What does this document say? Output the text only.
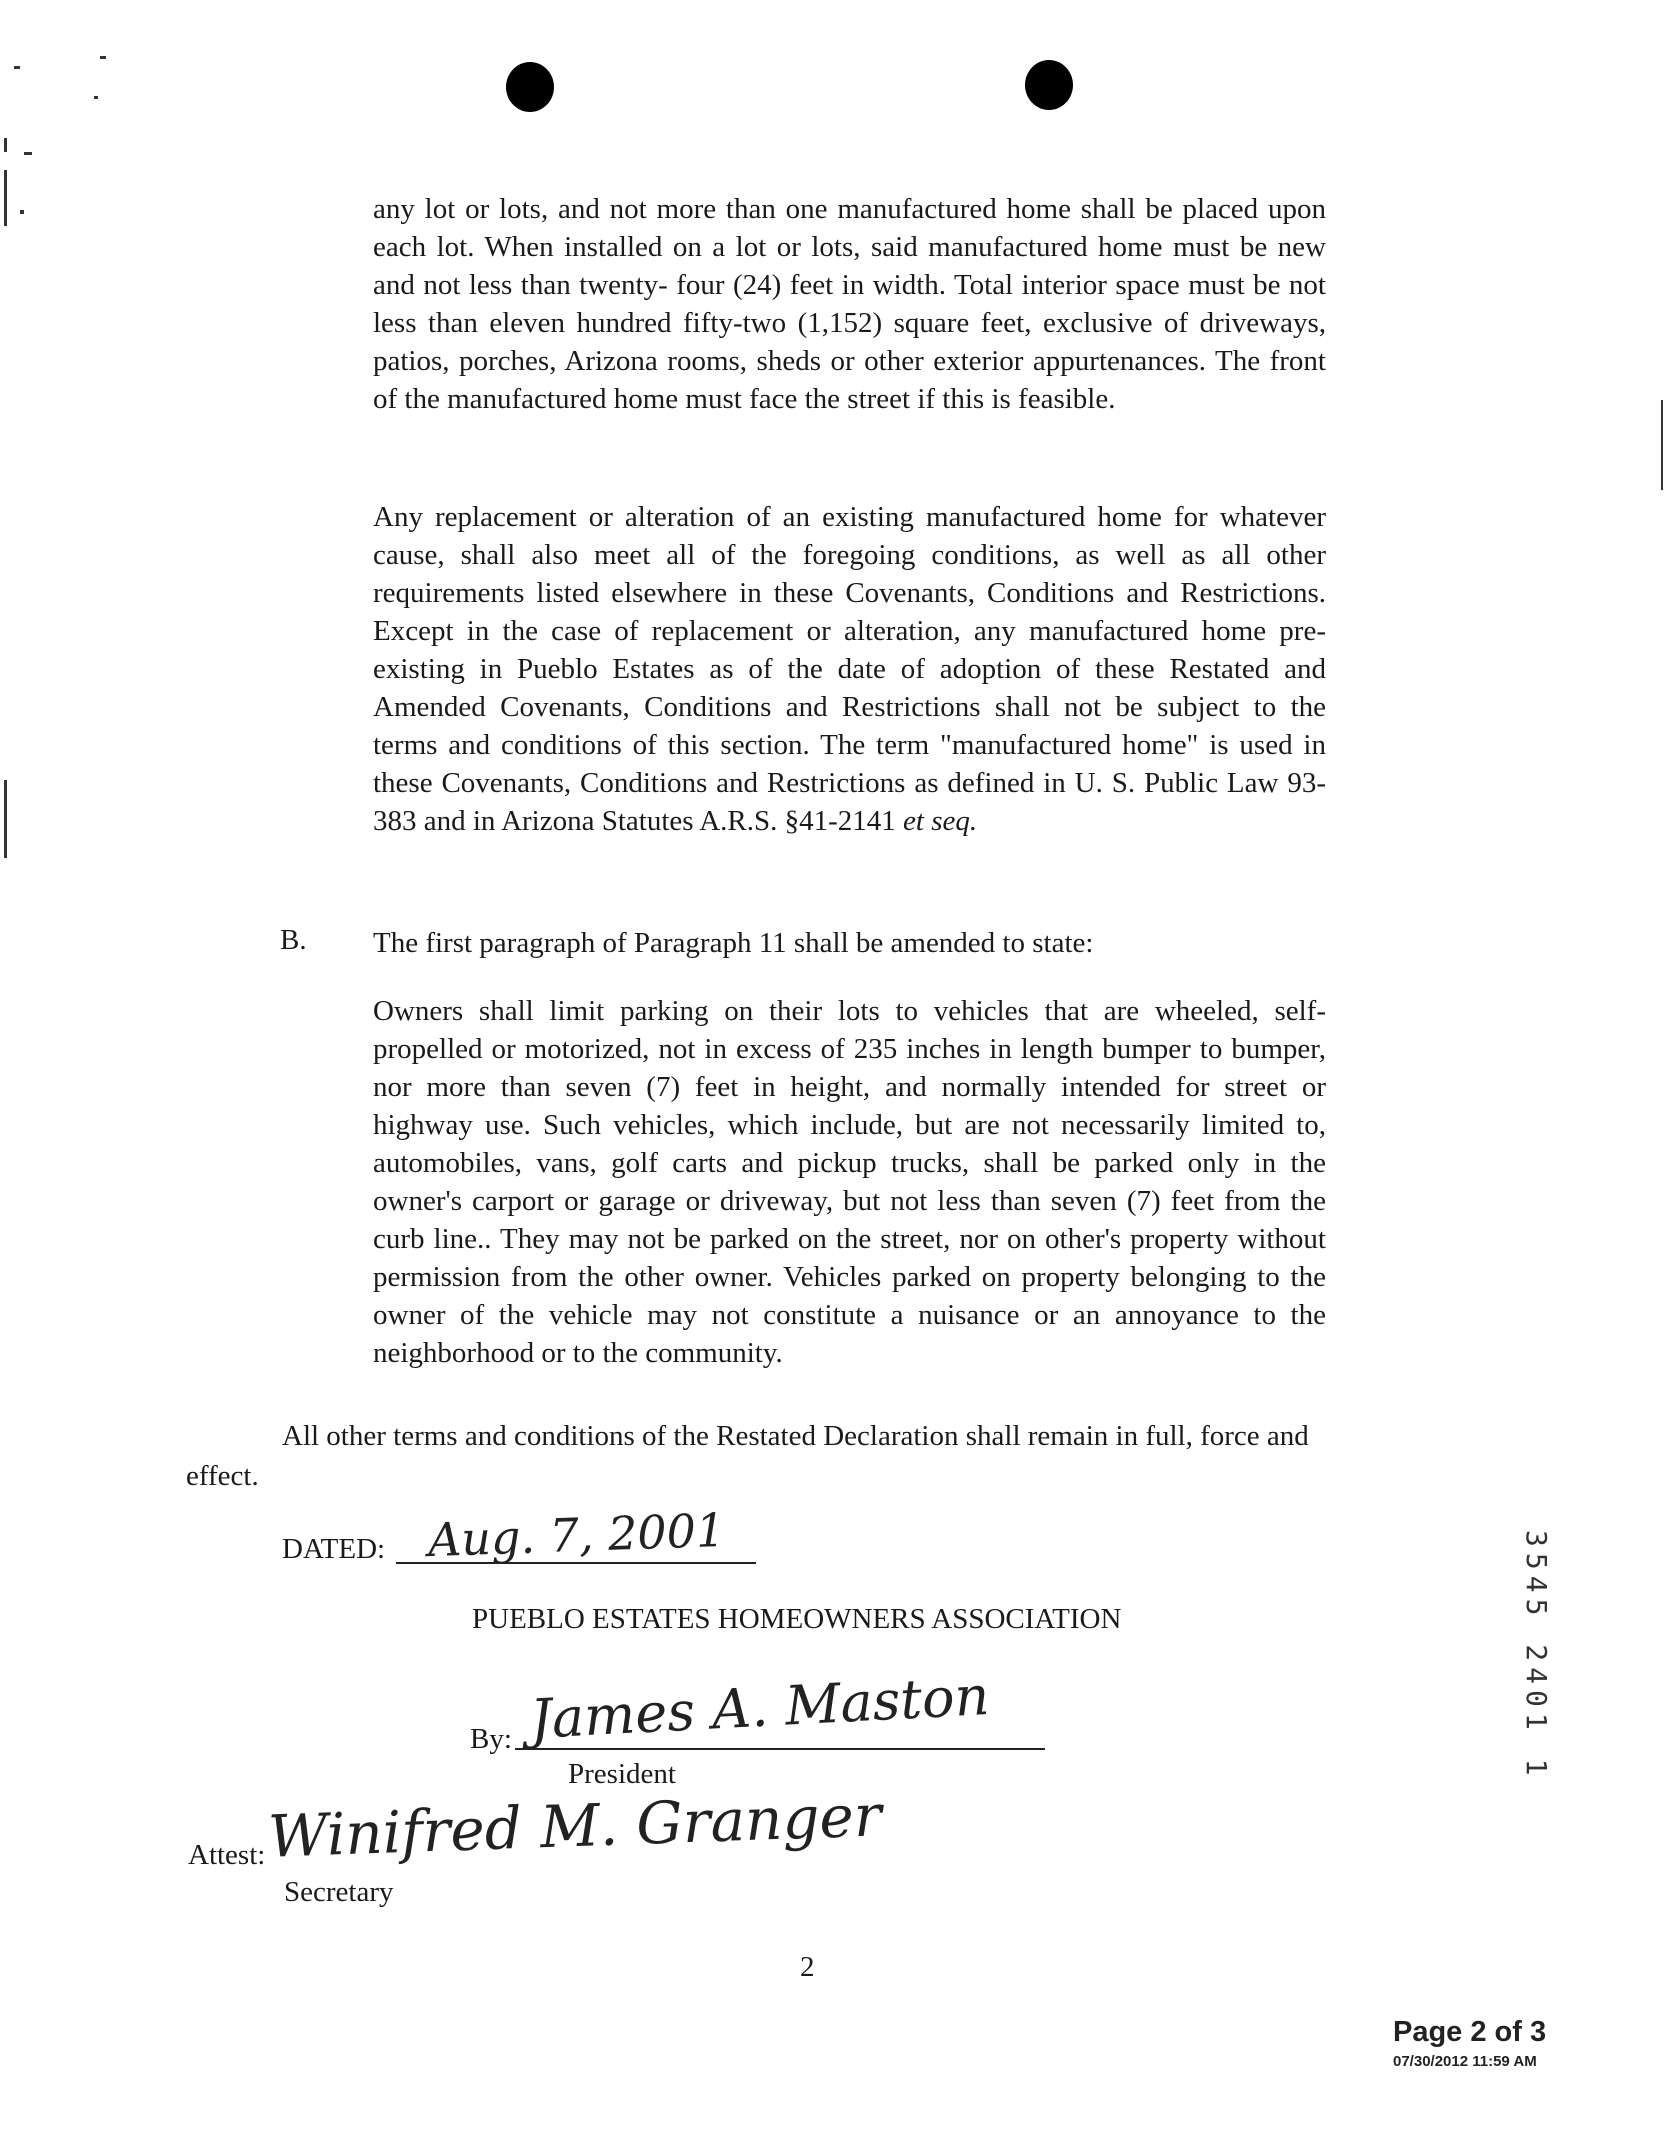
any lot or lots, and not more than one manufactured home shall be placed upon each lot. When installed on a lot or lots, said manufactured home must be new and not less than twenty- four (24) feet in width. Total interior space must be not less than eleven hundred fifty-two (1,152) square feet, exclusive of driveways, patios, porches, Arizona rooms, sheds or other exterior appurtenances. The front of the manufactured home must face the street if this is feasible.
Any replacement or alteration of an existing manufactured home for whatever cause, shall also meet all of the foregoing conditions, as well as all other requirements listed elsewhere in these Covenants, Conditions and Restrictions. Except in the case of replacement or alteration, any manufactured home pre-existing in Pueblo Estates as of the date of adoption of these Restated and Amended Covenants, Conditions and Restrictions shall not be subject to the terms and conditions of this section. The term "manufactured home" is used in these Covenants, Conditions and Restrictions as defined in U. S. Public Law 93-383 and in Arizona Statutes A.R.S. §41-2141 et seq.
B. The first paragraph of Paragraph 11 shall be amended to state:
Owners shall limit parking on their lots to vehicles that are wheeled, self-propelled or motorized, not in excess of 235 inches in length bumper to bumper, nor more than seven (7) feet in height, and normally intended for street or highway use. Such vehicles, which include, but are not necessarily limited to, automobiles, vans, golf carts and pickup trucks, shall be parked only in the owner's carport or garage or driveway, but not less than seven (7) feet from the curb line.. They may not be parked on the street, nor on other's property without permission from the other owner. Vehicles parked on property belonging to the owner of the vehicle may not constitute a nuisance or an annoyance to the neighborhood or to the community.
All other terms and conditions of the Restated Declaration shall remain in full, force and
effect.
DATED: Aug. 7, 2001
PUEBLO ESTATES HOMEOWNERS ASSOCIATION
By: James A. Maston
President
Attest: Winifred M. Granger
Secretary
2
3545 2401 1
Page 2 of 3
07/30/2012 11:59 AM
